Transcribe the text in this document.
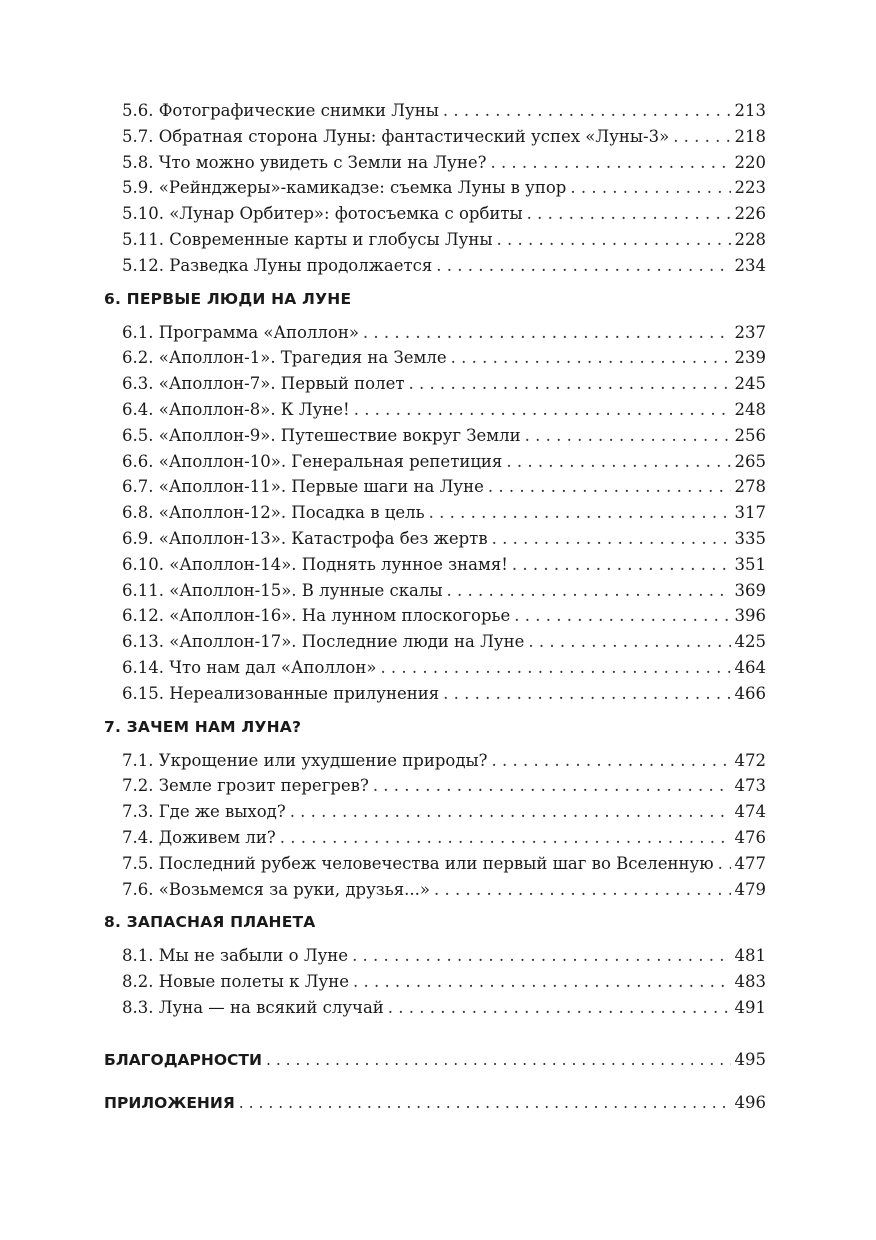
5.6. Фотографические снимки Луны . . .	213
5.7. Обратная сторона Луны: фантастический успех «Луны-3» . . .	218
5.8. Что можно увидеть с Земли на Луне? . . .	220
5.9. «Рейнджеры»-камикадзе: съемка Луны в упор . . .	223
5.10. «Лунар Орбитер»: фотосъемка с орбиты . . .	226
5.11. Современные карты и глобусы Луны . . .	228
5.12. Разведка Луны продолжается . . .	234
6. ПЕРВЫЕ ЛЮДИ НА ЛУНЕ
6.1. Программа «Аполлон» . . .	237
6.2. «Аполлон-1». Трагедия на Земле . . .	239
6.3. «Аполлон-7». Первый полет . . .	245
6.4. «Аполлон-8». К Луне! . . .	248
6.5. «Аполлон-9». Путешествие вокруг Земли . . .	256
6.6. «Аполлон-10». Генеральная репетиция . . .	265
6.7. «Аполлон-11». Первые шаги на Луне . . .	278
6.8. «Аполлон-12». Посадка в цель . . .	317
6.9. «Аполлон-13». Катастрофа без жертв . . .	335
6.10. «Аполлон-14». Поднять лунное знамя! . . .	351
6.11. «Аполлон-15». В лунные скалы . . .	369
6.12. «Аполлон-16». На лунном плоскогорье . . .	396
6.13. «Аполлон-17». Последние люди на Луне . . .	425
6.14. Что нам дал «Аполлон» . . .	464
6.15. Нереализованные прилунения . . .	466
7. ЗАЧЕМ НАМ ЛУНА?
7.1. Укрощение или ухудшение природы? . . .	472
7.2. Земле грозит перегрев? . . .	473
7.3. Где же выход? . . .	474
7.4. Доживем ли? . . .	476
7.5. Последний рубеж человечества или первый шаг во Вселенную . . . 477
7.6. «Возьмемся за руки, друзья...» . . .	479
8. ЗАПАСНАЯ ПЛАНЕТА
8.1. Мы не забыли о Луне . . .	481
8.2. Новые полеты к Луне . . .	483
8.3. Луна — на всякий случай . . .	491
БЛАГОДАРНОСТИ . . .	495
ПРИЛОЖЕНИЯ . . .	496
